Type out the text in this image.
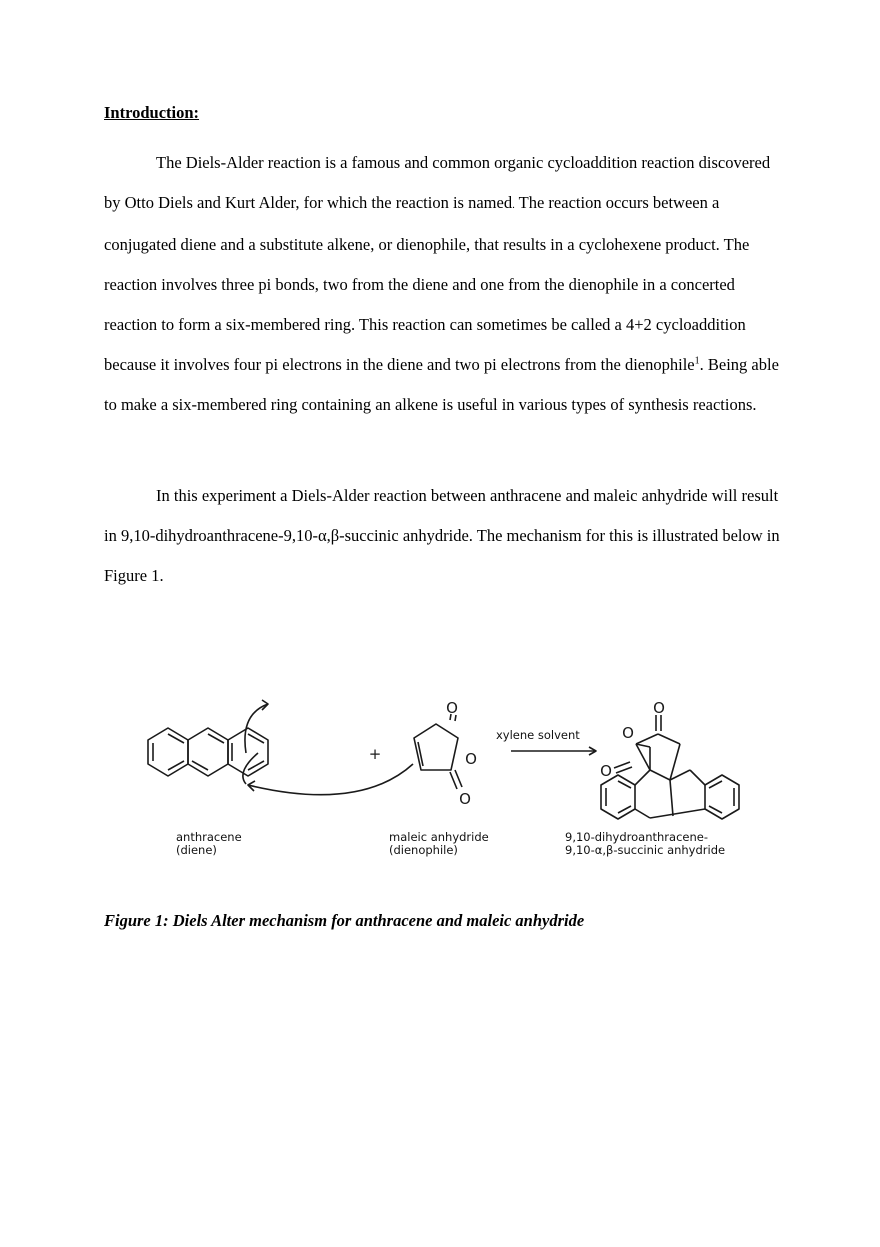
Introduction:

The Diels-Alder reaction is a famous and common organic cycloaddition reaction discovered by Otto Diels and Kurt Alder, for which the reaction is named. The reaction occurs between a conjugated diene and a substitute alkene, or dienophile, that results in a cyclohexene product. The reaction involves three pi bonds, two from the diene and one from the dienophile in a concerted reaction to form a six-membered ring. This reaction can sometimes be called a 4+2 cycloaddition because it involves four pi electrons in the diene and two pi electrons from the dienophile$^1$. Being able to make a six-membered ring containing an alkene is useful in various types of synthesis reactions.

In this experiment a Diels-Alder reaction between anthracene and maleic anhydride will result in 9,10-dihydroanthracene-9,10-α,β-succinic anhydride. The mechanism for this is illustrated below in Figure 1.

O
O
O
O
O
O
+
xylene solvent
anthracene
(diene)
maleic anhydride
(dienophile)
9,10-dihydroanthracene-
9,10-α,β-succinic anhydride
Figure 1: Diels Alter mechanism for anthracene and maleic anhydride
